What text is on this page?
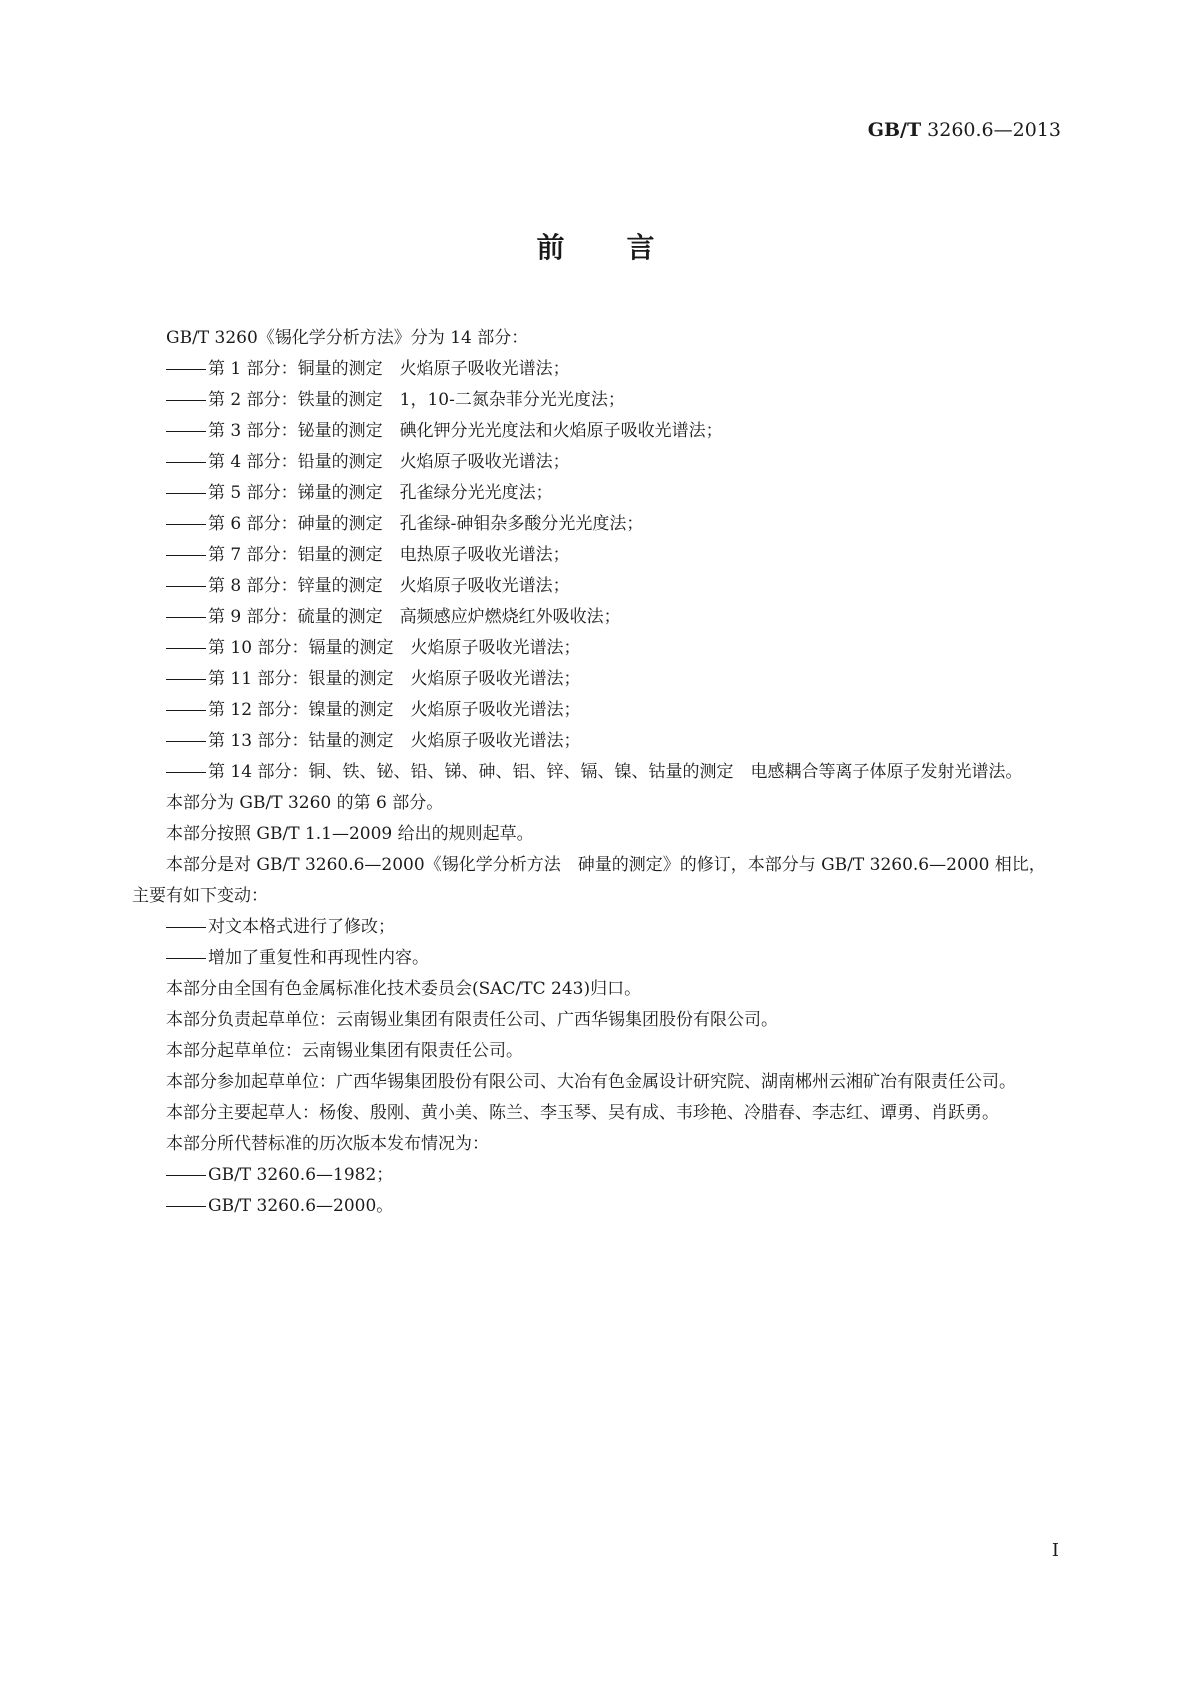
GB/T 3260.6—2013
前言

GB/T 3260《锡化学分析方法》分为 14 部分：

第 1 部分：铜量的测定　火焰原子吸收光谱法；

第 2 部分：铁量的测定　1，10-二氮杂菲分光光度法；

第 3 部分：铋量的测定　碘化钾分光光度法和火焰原子吸收光谱法；

第 4 部分：铅量的测定　火焰原子吸收光谱法；

第 5 部分：锑量的测定　孔雀绿分光光度法；

第 6 部分：砷量的测定　孔雀绿-砷钼杂多酸分光光度法；

第 7 部分：铝量的测定　电热原子吸收光谱法；

第 8 部分：锌量的测定　火焰原子吸收光谱法；

第 9 部分：硫量的测定　高频感应炉燃烧红外吸收法；

第 10 部分：镉量的测定　火焰原子吸收光谱法；

第 11 部分：银量的测定　火焰原子吸收光谱法；

第 12 部分：镍量的测定　火焰原子吸收光谱法；

第 13 部分：钴量的测定　火焰原子吸收光谱法；

第 14 部分：铜、铁、铋、铅、锑、砷、铝、锌、镉、镍、钴量的测定　电感耦合等离子体原子发射光谱法。

本部分为 GB/T 3260 的第 6 部分。

本部分按照 GB/T 1.1—2009 给出的规则起草。

本部分是对 GB/T 3260.6—2000《锡化学分析方法　砷量的测定》的修订，本部分与 GB/T 3260.6—2000 相比，主要有如下变动：

对文本格式进行了修改；

增加了重复性和再现性内容。

本部分由全国有色金属标准化技术委员会(SAC/TC 243)归口。

本部分负责起草单位：云南锡业集团有限责任公司、广西华锡集团股份有限公司。

本部分起草单位：云南锡业集团有限责任公司。

本部分参加起草单位：广西华锡集团股份有限公司、大冶有色金属设计研究院、湖南郴州云湘矿冶有限责任公司。

本部分主要起草人：杨俊、殷刚、黄小美、陈兰、李玉琴、吴有成、韦珍艳、冷腊春、李志红、谭勇、肖跃勇。

本部分所代替标准的历次版本发布情况为：

GB/T 3260.6—1982；

GB/T 3260.6—2000。

I
